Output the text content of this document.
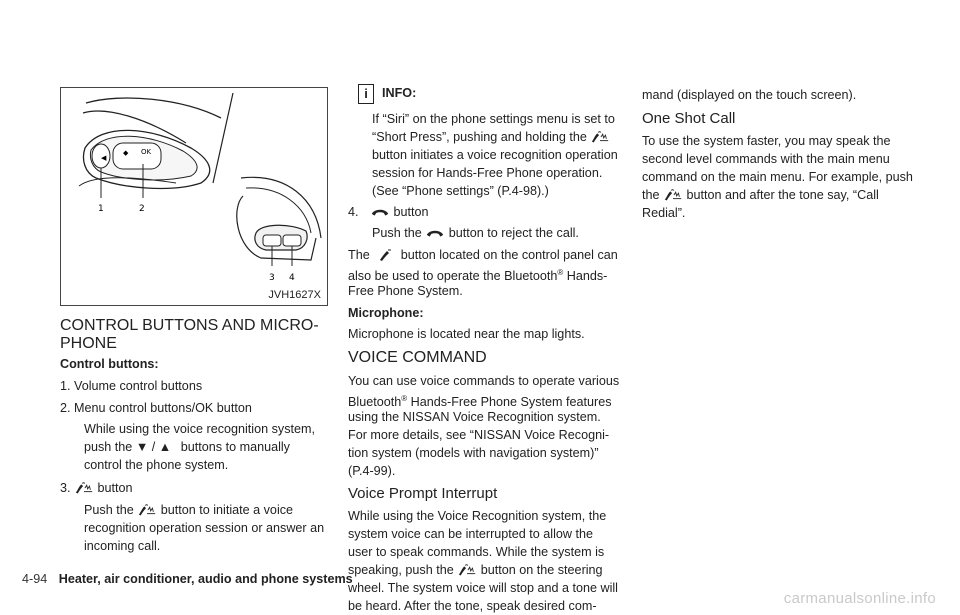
◆ OK
◀
1	2
3 4
JVH1627X
CONTROL BUTTONS AND MICRO-
PHONE

Control buttons:

1. Volume control buttons

2. Menu control buttons/OK button

While using the voice recognition system,

push the ▼ / ▲ buttons to manually

control the phone system.

3. button

Push the button to initiate a voice

recognition operation session or answer an

incoming call.

i	INFO:

If “Siri” on the phone settings menu is set to

“Short Press”, pushing and holding the

button initiates a voice recognition operation

session for Hands-Free Phone operation.

(See “Phone settings” (P.4-98).)

4.	button

Push the button to reject the call.

The button located on the control panel can

also be used to operate the Bluetooth® Hands-

Free Phone System.

Microphone:

Microphone is located near the map lights.

VOICE COMMAND

You can use voice commands to operate various

Bluetooth® Hands-Free Phone System features

using the NISSAN Voice Recognition system.

For more details, see “NISSAN Voice Recogni-

tion system (models with navigation system)”

(P.4-99).

Voice Prompt Interrupt

While using the Voice Recognition system, the

system voice can be interrupted to allow the

user to speak commands. While the system is

speaking, push the button on the steering

wheel. The system voice will stop and a tone will

be heard. After the tone, speak desired com-

mand (displayed on the touch screen).

One Shot Call

To use the system faster, you may speak the

second level commands with the main menu

command on the main menu. For example, push

the button and after the tone say, “Call

Redial”.

4-94 Heater, air conditioner, audio and phone systems
carmanualsonline.info
